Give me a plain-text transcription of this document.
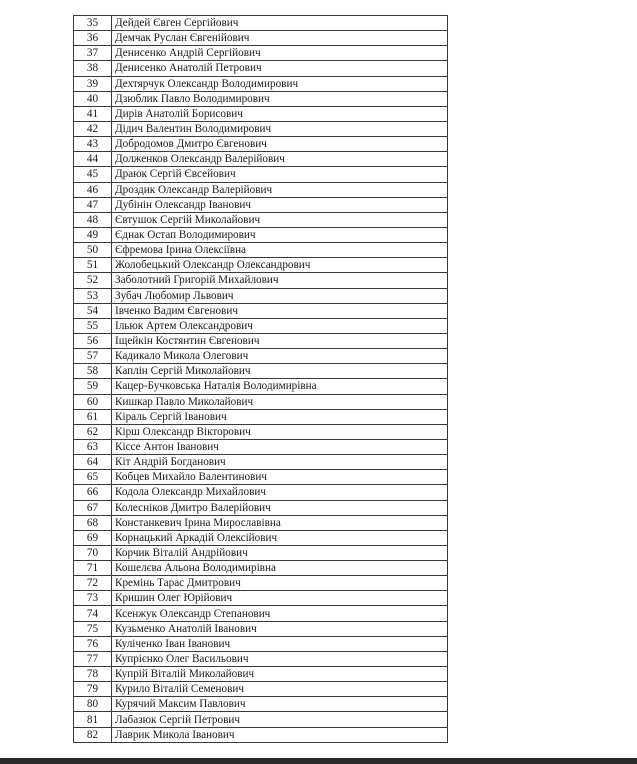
35	Дейдей Євген Сергійович
36	Демчак Руслан Євгенійович
37	Денисенко Андрій Сергійович
38	Денисенко Анатолій Петрович
39	Дехтярчук Олександр Володимирович
40	Дзюблик Павло Володимирович
41	Дирів Анатолій Борисович
42	Дідич Валентин Володимирович
43	Добродомов Дмитро Євгенович
44	Долженков Олександр Валерійович
45	Драюк Сергій Євсейович
46	Дроздик Олександр Валерійович
47	Дубінін Олександр Іванович
48	Євтушок Сергій Миколайович
49	Єднак Остап Володимирович
50	Єфремова Ірина Олексіївна
51	Жолобецький Олександр Олександрович
52	Заболотний Григорій Михайлович
53	Зубач Любомир Львович
54	Івченко Вадим Євгенович
55	Ільюк Артем Олександрович
56	Іщейкін Костянтин Євгенович
57	Кадикало Микола Олегович
58	Каплін Сергій Миколайович
59	Кацер-Бучковська Наталія Володимирівна
60	Кишкар Павло Миколайович
61	Кіраль Сергій Іванович
62	Кірш Олександр Вікторович
63	Кіссе Антон Іванович
64	Кіт Андрій Богданович
65	Кобцев Михайло Валентинович
66	Кодола Олександр Михайлович
67	Колесніков Дмитро Валерійович
68	Констанкевич Ірина Мирославівна
69	Корнацький Аркадій Олексійович
70	Корчик Віталій Андрійович
71	Кошелєва Альона Володимирівна
72	Кремінь Тарас Дмитрович
73	Кришин Олег Юрійович
74	Ксенжук Олександр Степанович
75	Кузьменко Анатолій Іванович
76	Куліченко Іван Іванович
77	Купрієнко Олег Васильович
78	Купрій Віталій Миколайович
79	Курило Віталій Семенович
80	Курячий Максим Павлович
81	Лабазюк Сергій Петрович
82	Лаврик Микола Іванович
